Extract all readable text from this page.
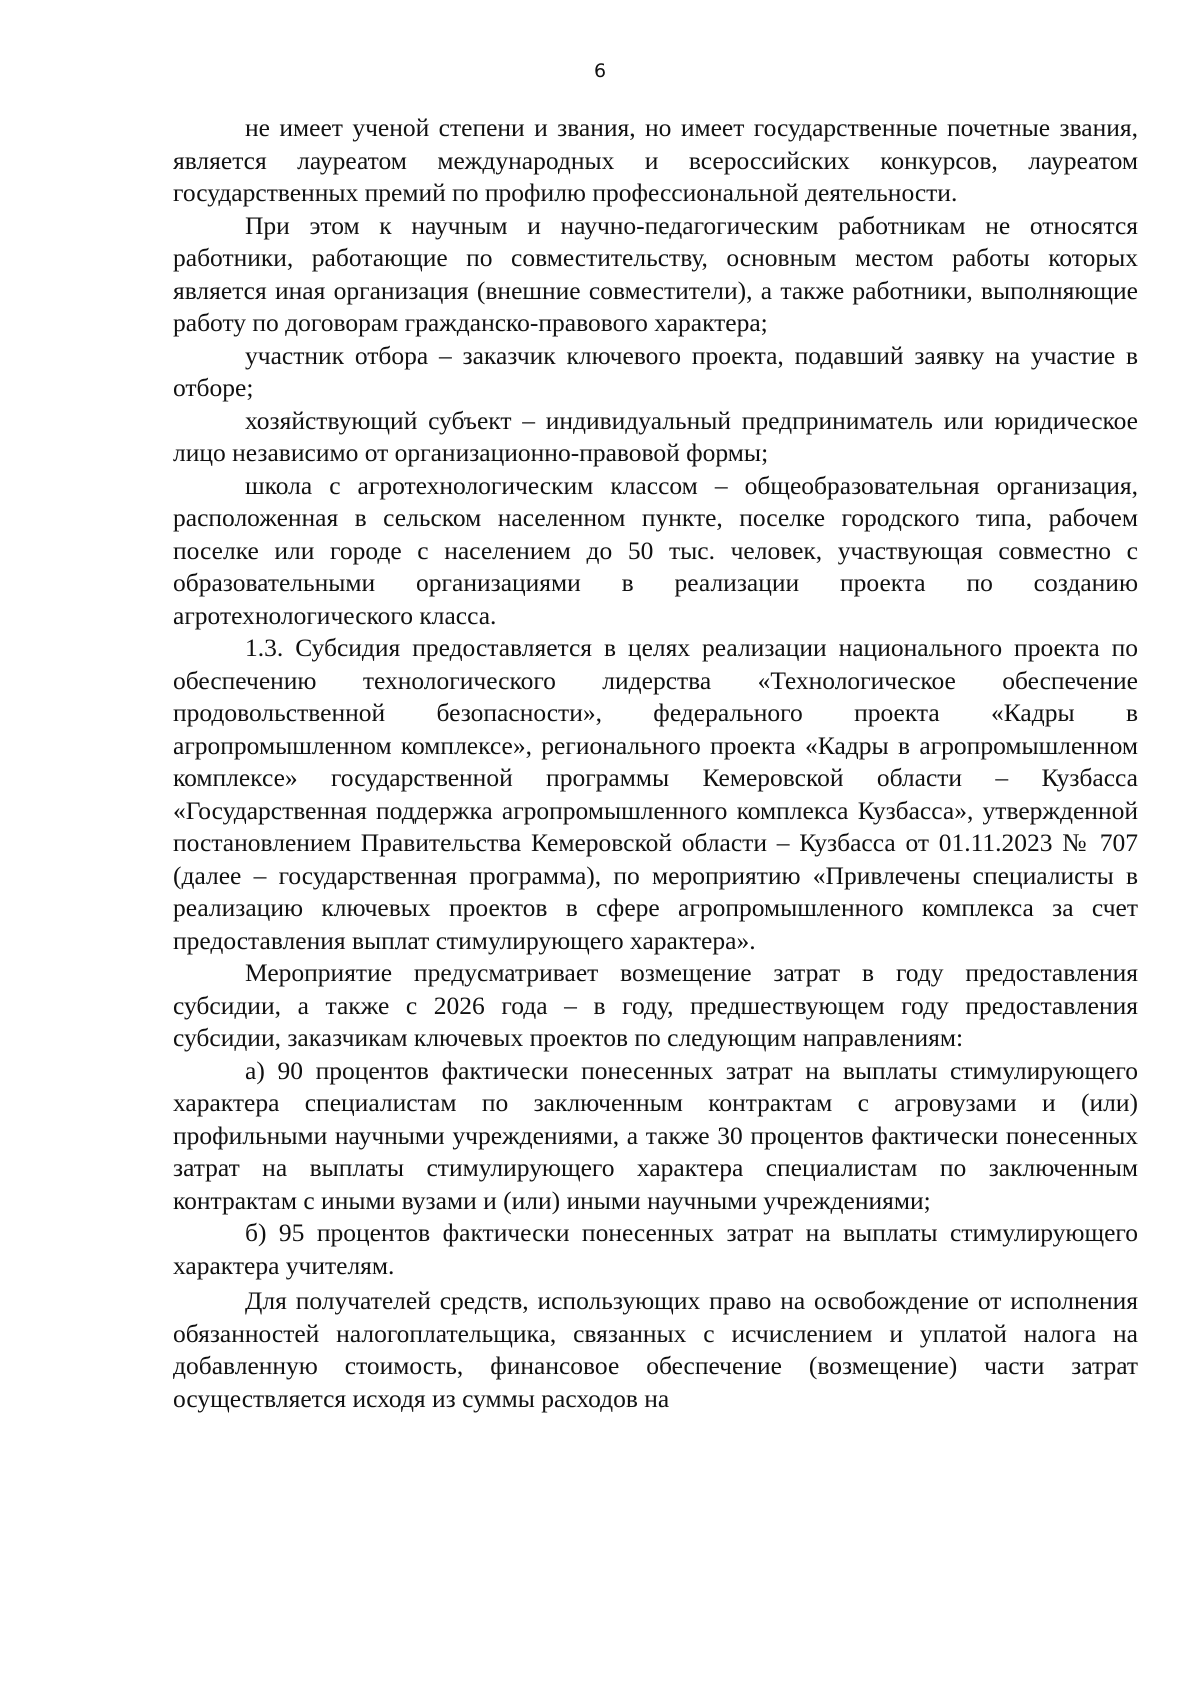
6

не имеет ученой степени и звания, но имеет государственные почетные звания, является лауреатом международных и всероссийских конкурсов, лауреатом государственных премий по профилю профессиональной деятельности.

При этом к научным и научно-педагогическим работникам не относятся работники, работающие по совместительству, основным местом работы которых является иная организация (внешние совместители), а также работники, выполняющие работу по договорам гражданско-правового характера;

участник отбора – заказчик ключевого проекта, подавший заявку на участие в отборе;

хозяйствующий субъект – индивидуальный предприниматель или юридическое лицо независимо от организационно-правовой формы;

школа с агротехнологическим классом – общеобразовательная организация, расположенная в сельском населенном пункте, поселке городского типа, рабочем поселке или городе с населением до 50 тыс. человек, участвующая совместно с образовательными организациями в реализации проекта по созданию агротехнологического класса.

1.3. Субсидия предоставляется в целях реализации национального проекта по обеспечению технологического лидерства «Технологическое обеспечение продовольственной безопасности», федерального проекта «Кадры в агропромышленном комплексе», регионального проекта «Кадры в агропромышленном комплексе» государственной программы Кемеровской области – Кузбасса «Государственная поддержка агропромышленного комплекса Кузбасса», утвержденной постановлением Правительства Кемеровской области – Кузбасса от 01.11.2023 № 707 (далее – государственная программа), по мероприятию «Привлечены специалисты в реализацию ключевых проектов в сфере агропромышленного комплекса за счет предоставления выплат стимулирующего характера».

Мероприятие предусматривает возмещение затрат в году предоставления субсидии, а также с 2026 года – в году, предшествующем году предоставления субсидии, заказчикам ключевых проектов по следующим направлениям:

а) 90 процентов фактически понесенных затрат на выплаты стимулирующего характера специалистам по заключенным контрактам с агровузами и (или) профильными научными учреждениями, а также 30 процентов фактически понесенных затрат на выплаты стимулирующего характера специалистам по заключенным контрактам с иными вузами и (или) иными научными учреждениями;

б) 95 процентов фактически понесенных затрат на выплаты стимулирующего характера учителям.

Для получателей средств, использующих право на освобождение от исполнения обязанностей налогоплательщика, связанных с исчислением и уплатой налога на добавленную стоимость, финансовое обеспечение (возмещение) части затрат осуществляется исходя из суммы расходов на
